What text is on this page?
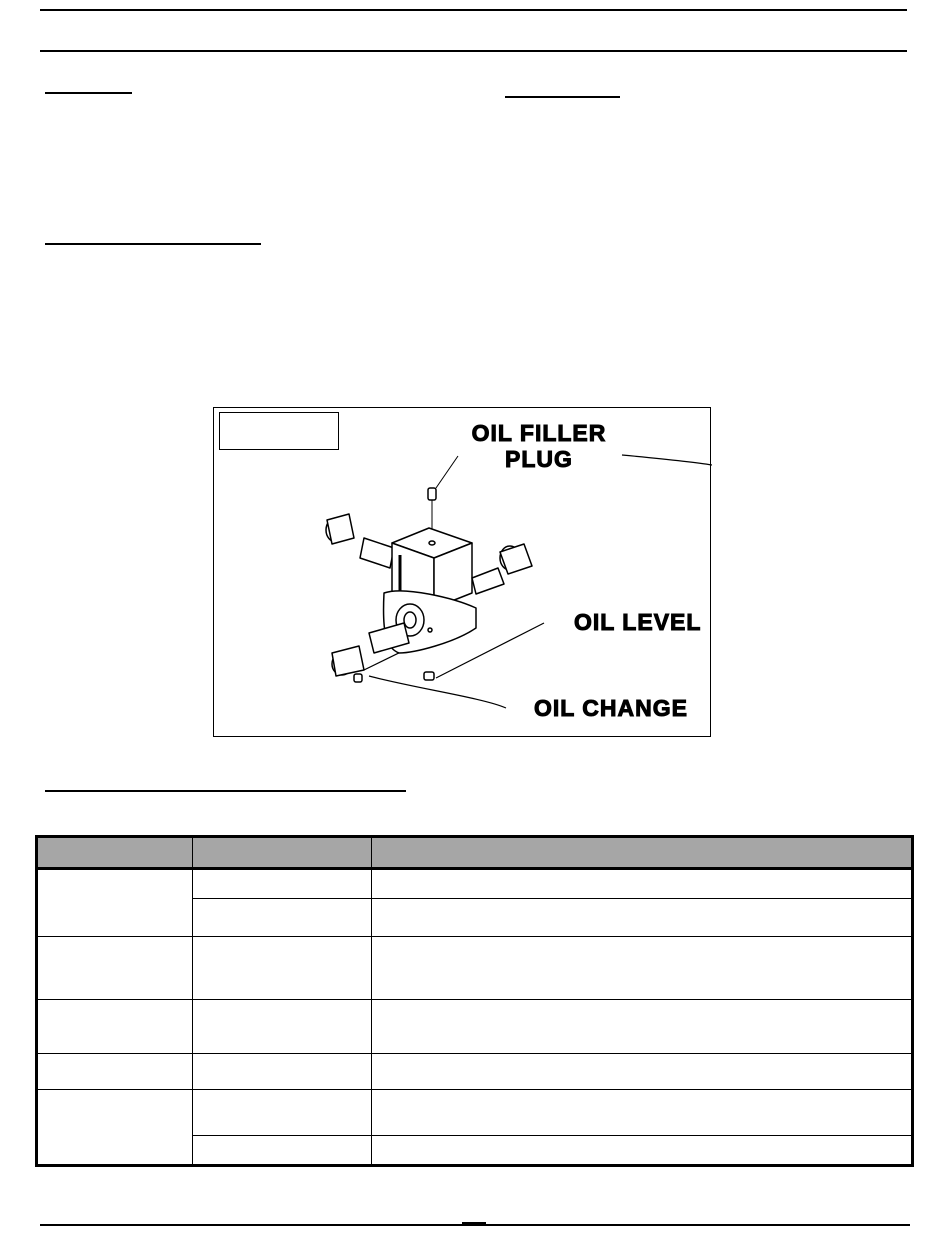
OIL FILLER
PLUG
OIL LEVEL
OIL CHANGE
